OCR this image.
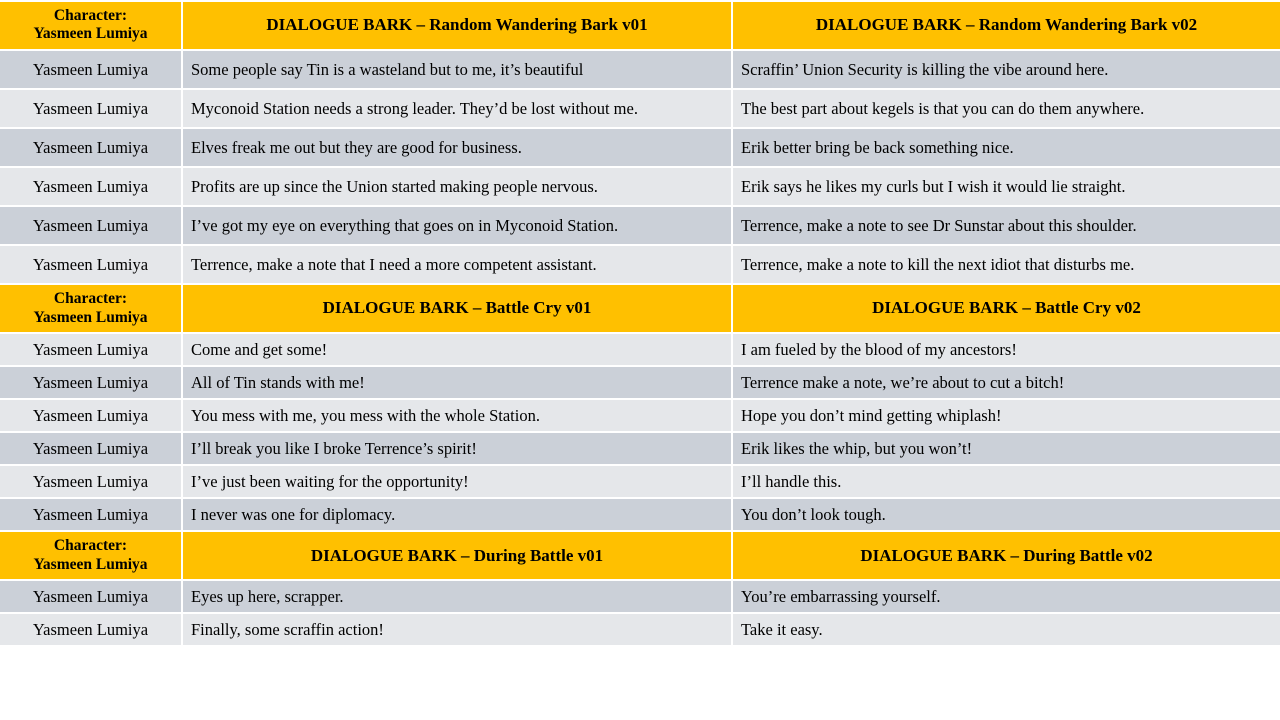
Character:
Yasmeen Lumiya	DIALOGUE BARK – Random Wandering Bark v01	DIALOGUE BARK – Random Wandering Bark v02
Yasmeen Lumiya	Some people say Tin is a wasteland but to me, it’s beautiful	Scraffin’ Union Security is killing the vibe around here.
Yasmeen Lumiya	Myconoid Station needs a strong leader. They’d be lost without me.	The best part about kegels is that you can do them anywhere.
Yasmeen Lumiya	Elves freak me out but they are good for business.	Erik better bring be back something nice.
Yasmeen Lumiya	Profits are up since the Union started making people nervous.	Erik says he likes my curls but I wish it would lie straight.
Yasmeen Lumiya	I’ve got my eye on everything that goes on in Myconoid Station.	Terrence, make a note to see Dr Sunstar about this shoulder.
Yasmeen Lumiya	Terrence, make a note that I need a more competent assistant.	Terrence, make a note to kill the next idiot that disturbs me.

Character:
Yasmeen Lumiya	DIALOGUE BARK – Battle Cry v01	DIALOGUE BARK – Battle Cry v02
Yasmeen Lumiya	Come and get some!	I am fueled by the blood of my ancestors!
Yasmeen Lumiya	All of Tin stands with me!	Terrence make a note, we’re about to cut a bitch!
Yasmeen Lumiya	You mess with me, you mess with the whole Station.	Hope you don’t mind getting whiplash!
Yasmeen Lumiya	I’ll break you like I broke Terrence’s spirit!	Erik likes the whip, but you won’t!
Yasmeen Lumiya	I’ve just been waiting for the opportunity!	I’ll handle this.
Yasmeen Lumiya	I never was one for diplomacy.	You don’t look tough.

Character:
Yasmeen Lumiya	DIALOGUE BARK – During Battle v01	DIALOGUE BARK – During Battle v02
Yasmeen Lumiya	Eyes up here, scrapper.	You’re embarrassing yourself.
Yasmeen Lumiya	Finally, some scraffin action!	Take it easy.
